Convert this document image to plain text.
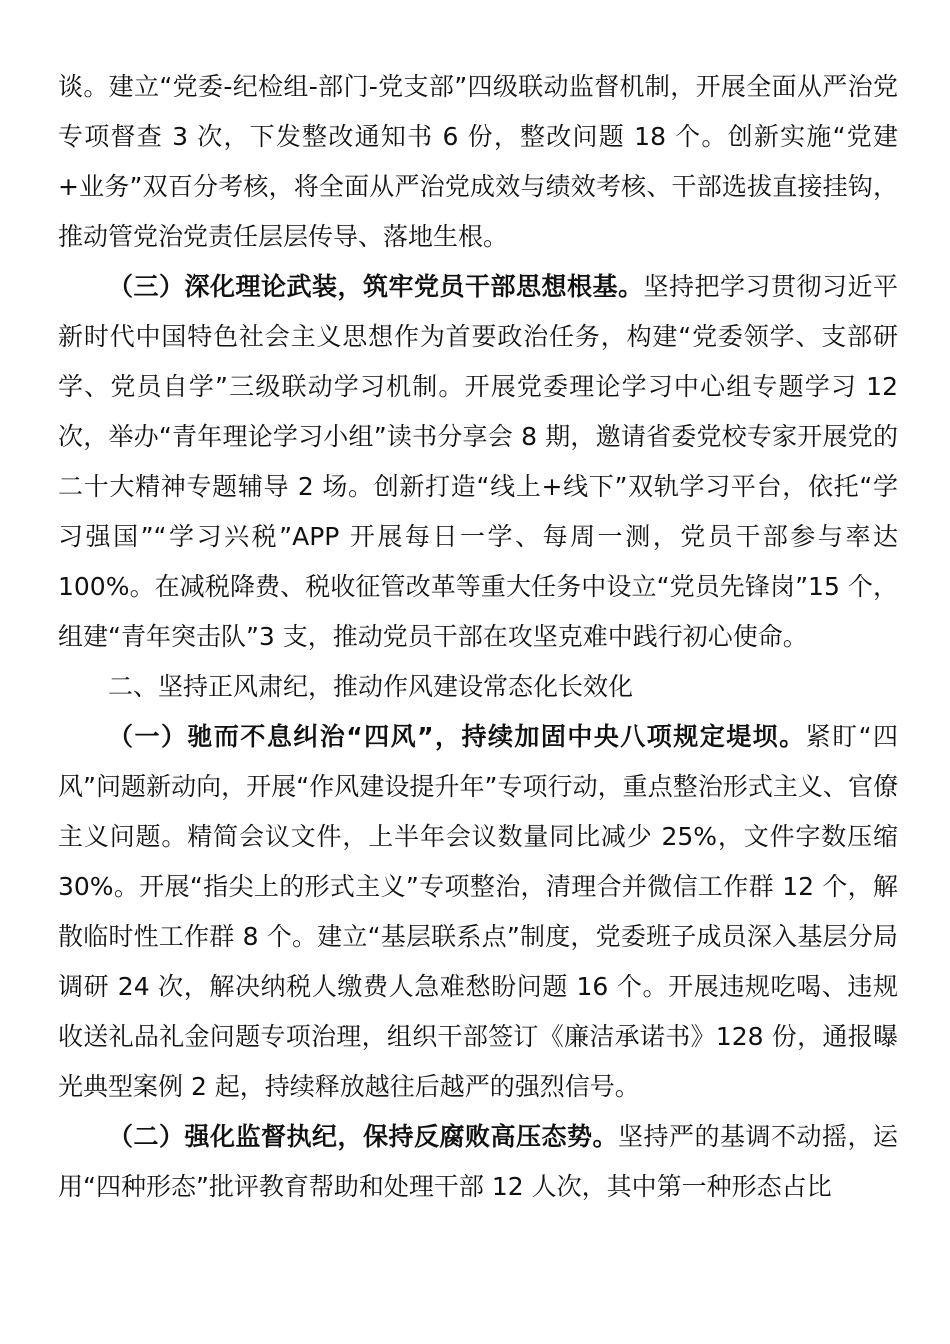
谈。建立“党委-纪检组-部门-党支部”四级联动监督机制，开展全面从严治党专项督查 3 次，下发整改通知书 6 份，整改问题 18 个。创新实施“党建+业务”双百分考核，将全面从严治党成效与绩效考核、干部选拔直接挂钩，推动管党治党责任层层传导、落地生根。

（三）深化理论武装，筑牢党员干部思想根基。坚持把学习贯彻习近平新时代中国特色社会主义思想作为首要政治任务，构建“党委领学、支部研学、党员自学”三级联动学习机制。开展党委理论学习中心组专题学习 12 次，举办“青年理论学习小组”读书分享会 8 期，邀请省委党校专家开展党的二十大精神专题辅导 2 场。创新打造“线上+线下”双轨学习平台，依托“学习强国”“学习兴税”APP 开展每日一学、每周一测，党员干部参与率达 100%。在减税降费、税收征管改革等重大任务中设立“党员先锋岗”15 个，组建“青年突击队”3 支，推动党员干部在攻坚克难中践行初心使命。

二、坚持正风肃纪，推动作风建设常态化长效化

（一）驰而不息纠治“四风”，持续加固中央八项规定堤坝。紧盯“四风”问题新动向，开展“作风建设提升年”专项行动，重点整治形式主义、官僚主义问题。精简会议文件，上半年会议数量同比减少 25%，文件字数压缩 30%。开展“指尖上的形式主义”专项整治，清理合并微信工作群 12 个，解散临时性工作群 8 个。建立“基层联系点”制度，党委班子成员深入基层分局调研 24 次，解决纳税人缴费人急难愁盼问题 16 个。开展违规吃喝、违规收送礼品礼金问题专项治理，组织干部签订《廉洁承诺书》128 份，通报曝光典型案例 2 起，持续释放越往后越严的强烈信号。

（二）强化监督执纪，保持反腐败高压态势。坚持严的基调不动摇，运用“四种形态”批评教育帮助和处理干部 12 人次，其中第一种形态占比
